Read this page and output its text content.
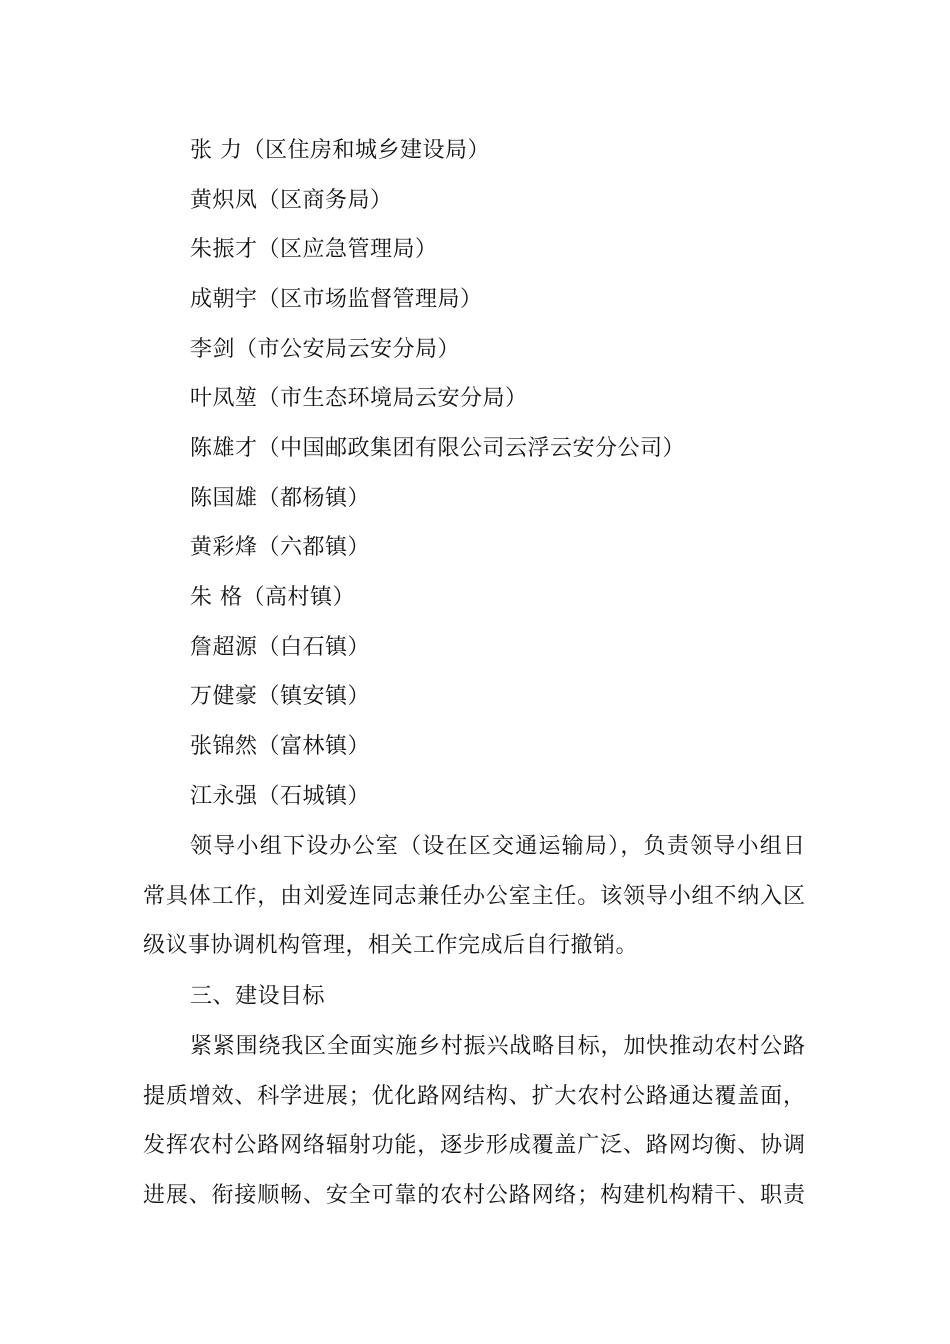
张 力（区住房和城乡建设局）
黄炽凤（区商务局）
朱振才（区应急管理局）
成朝宇（区市场监督管理局）
李剑（市公安局云安分局）
叶凤堃（市生态环境局云安分局）
陈雄才（中国邮政集团有限公司云浮云安分公司）
陈国雄（都杨镇）
黄彩烽（六都镇）
朱 格（高村镇）
詹超源（白石镇）
万健豪（镇安镇）
张锦然（富林镇）
江永强（石城镇）
领导小组下设办公室（设在区交通运输局），负责领导小组日
常具体工作，由刘爱连同志兼任办公室主任。该领导小组不纳入区
级议事协调机构管理，相关工作完成后自行撤销。
三、建设目标
紧紧围绕我区全面实施乡村振兴战略目标，加快推动农村公路
提质增效、科学进展；优化路网结构、扩大农村公路通达覆盖面，
发挥农村公路网络辐射功能，逐步形成覆盖广泛、路网均衡、协调
进展、衔接顺畅、安全可靠的农村公路网络；构建机构精干、职责
